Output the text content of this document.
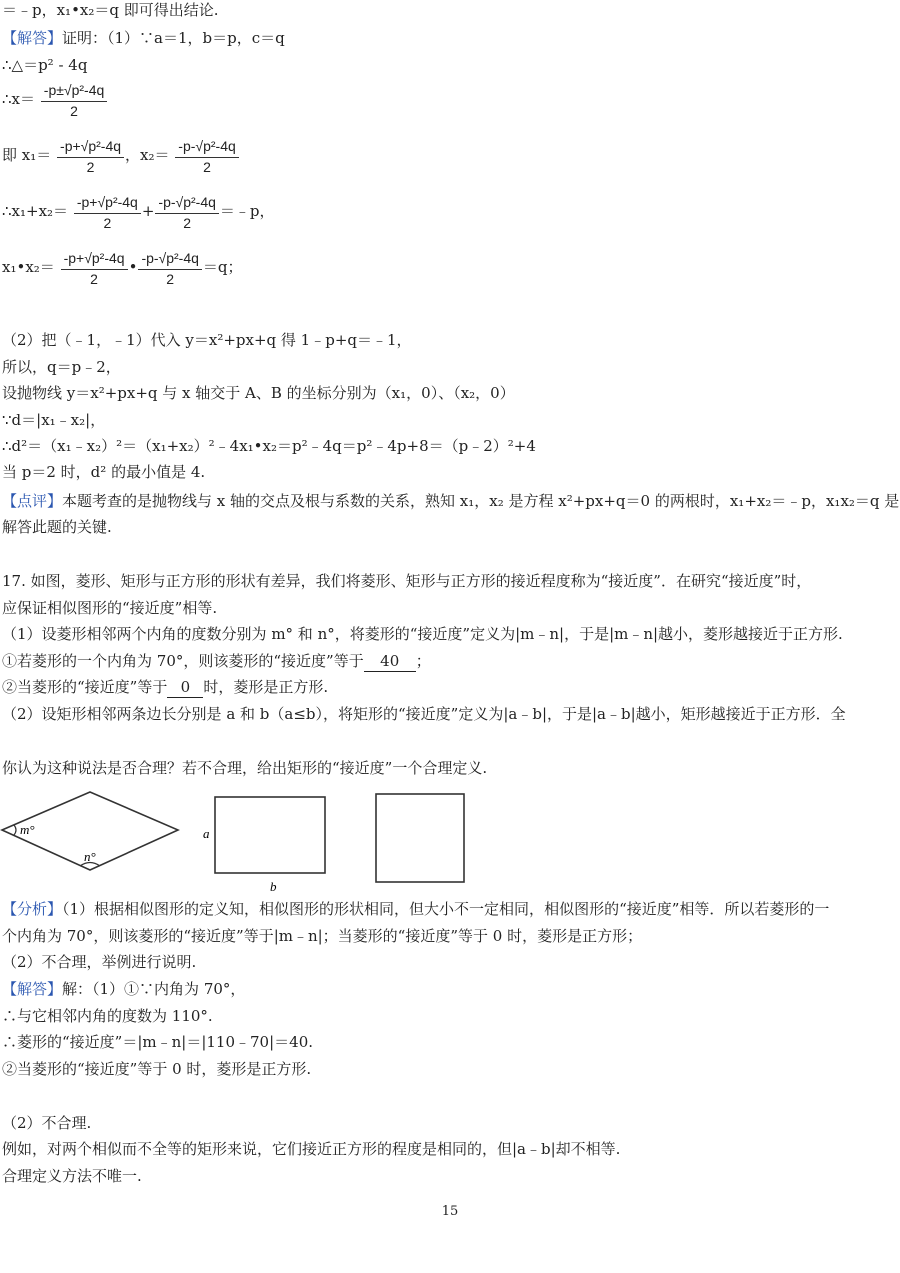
＝﹣p，x₁•x₂＝q 即可得出结论.
【解答】证明：（1）∵a＝1，b＝p，c＝q
∴△＝p² - 4q
∴x＝ $\frac{\text{-p±√p²-4q}}{2}$
即 $x_1= \frac{\text{-p+√p²-4q}}{2}$ ，$x_2= \frac{\text{-p-√p²-4q}}{2}$
∴x₁+x₂＝ $\frac{\text{-p+√p²-4q}}{2} + \frac{\text{-p-√p²-4q}}{2}$ ＝﹣p，
x₁•x₂＝ $\frac{\text{-p+√p²-4q}}{2}$ • $\frac{\text{-p-√p²-4q}}{2} =q$；
（2）把（﹣1，﹣1）代入 y＝x²+px+q 得 1﹣p+q＝﹣1，
所以，q＝p﹣2，
设抛物线 y＝x²+px+q 与 x 轴交于 A、B 的坐标分别为（x₁，0）、（x₂，0）
∵d＝|x₁﹣x₂|，
∴d²＝（x₁﹣x₂）²＝（x₁+x₂）²﹣4x₁•x₂＝p²﹣4q＝p²﹣4p+8＝（p﹣2）²+4
当 p＝2 时，d² 的最小值是 4.
【点评】本题考查的是抛物线与 x 轴的交点及根与系数的关系，熟知 x₁，x₂ 是方程 x²+px+q＝0 的两根时，x₁+x₂＝﹣p，x₁x₂＝q 是
解答此题的关键.
17. 如图，菱形、矩形与正方形的形状有差异，我们将菱形、矩形与正方形的接近程度称为“接近度”．在研究“接近度”时，
应保证相似图形的“接近度”相等.
（1）设菱形相邻两个内角的度数分别为 m° 和 n°，将菱形的“接近度”定义为|m﹣n|，于是|m﹣n|越小，菱形越接近于正方形.
①若菱形的一个内角为 70°，则该菱形的“接近度”等于 40 ；
②当菱形的“接近度”等于 0 时，菱形是正方形.
（2）设矩形相邻两条边长分别是 a 和 b（a≤b），将矩形的“接近度”定义为|a﹣b|，于是|a﹣b|越小，矩形越接近于正方形．全
你认为这种说法是否合理？若不合理，给出矩形的“接近度”一个合理定义.
m°
n°
a
b
【分析】（1）根据相似图形的定义知，相似图形的形状相同，但大小不一定相同，相似图形的“接近度”相等．所以若菱形的一
个内角为 70°，则该菱形的“接近度”等于|m﹣n|；当菱形的“接近度”等于 0 时，菱形是正方形；
（2）不合理，举例进行说明.
【解答】解：（1）①∵内角为 70°，
∴与它相邻内角的度数为 110°.
∴菱形的“接近度”＝|m﹣n|＝|110﹣70|＝40.
②当菱形的“接近度”等于 0 时，菱形是正方形.
（2）不合理.
例如，对两个相似而不全等的矩形来说，它们接近正方形的程度是相同的，但|a﹣b|却不相等.
合理定义方法不唯一.
15
